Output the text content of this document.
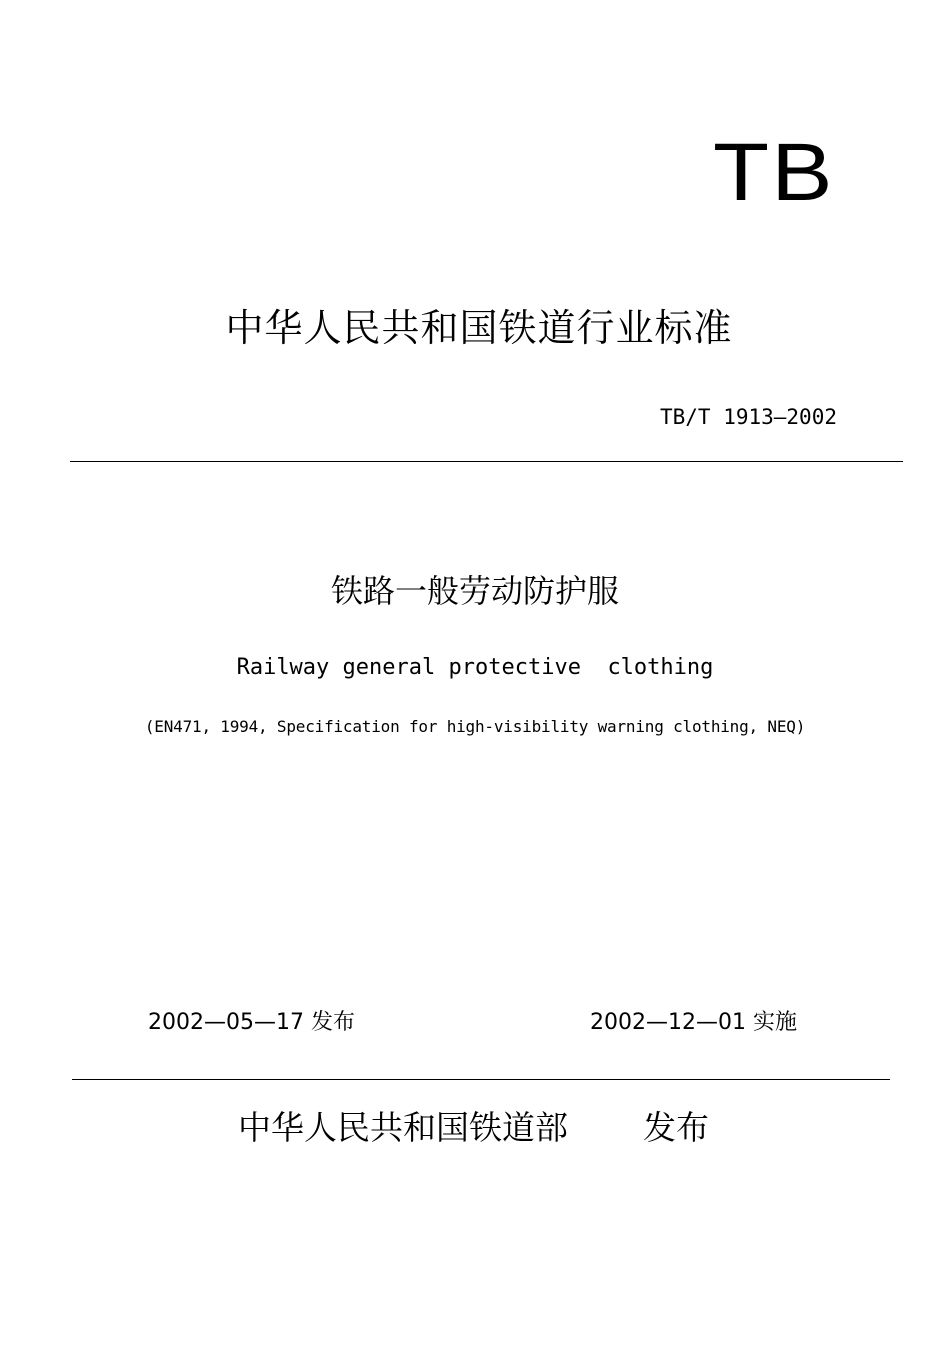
TB
中华人民共和国铁道行业标准
TB/T 1913—2002
铁路一般劳动防护服
Railway general protective  clothing
(EN471, 1994, Specification for high-visibility warning clothing, NEQ)
2002—05—17 发布	2002—12—01 实施
中华人民共和国铁道部 发布
